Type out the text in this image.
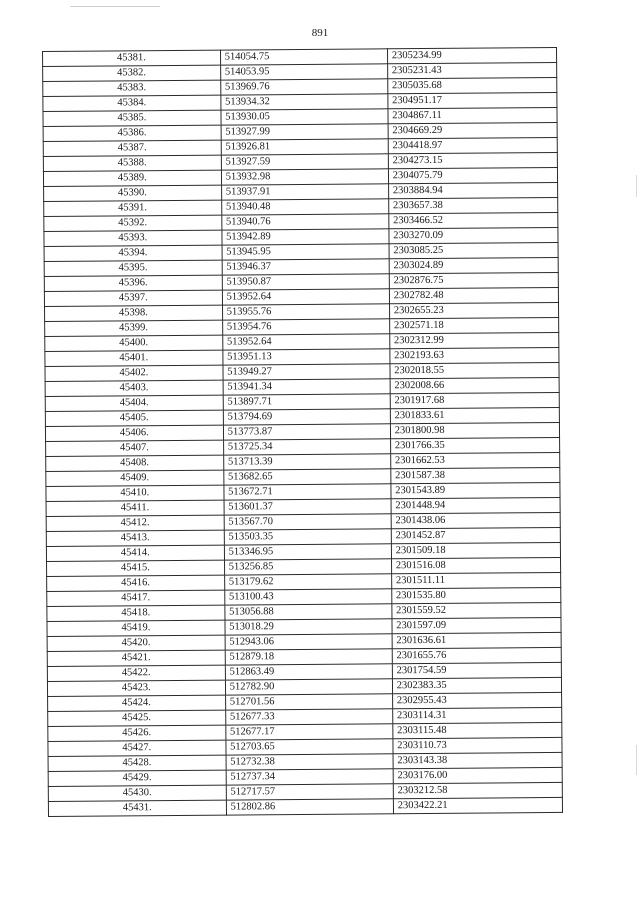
891
45381.	514054.75	2305234.99
45382.	514053.95	2305231.43
45383.	513969.76	2305035.68
45384.	513934.32	2304951.17
45385.	513930.05	2304867.11
45386.	513927.99	2304669.29
45387.	513926.81	2304418.97
45388.	513927.59	2304273.15
45389.	513932.98	2304075.79
45390.	513937.91	2303884.94
45391.	513940.48	2303657.38
45392.	513940.76	2303466.52
45393.	513942.89	2303270.09
45394.	513945.95	2303085.25
45395.	513946.37	2303024.89
45396.	513950.87	2302876.75
45397.	513952.64	2302782.48
45398.	513955.76	2302655.23
45399.	513954.76	2302571.18
45400.	513952.64	2302312.99
45401.	513951.13	2302193.63
45402.	513949.27	2302018.55
45403.	513941.34	2302008.66
45404.	513897.71	2301917.68
45405.	513794.69	2301833.61
45406.	513773.87	2301800.98
45407.	513725.34	2301766.35
45408.	513713.39	2301662.53
45409.	513682.65	2301587.38
45410.	513672.71	2301543.89
45411.	513601.37	2301448.94
45412.	513567.70	2301438.06
45413.	513503.35	2301452.87
45414.	513346.95	2301509.18
45415.	513256.85	2301516.08
45416.	513179.62	2301511.11
45417.	513100.43	2301535.80
45418.	513056.88	2301559.52
45419.	513018.29	2301597.09
45420.	512943.06	2301636.61
45421.	512879.18	2301655.76
45422.	512863.49	2301754.59
45423.	512782.90	2302383.35
45424.	512701.56	2302955.43
45425.	512677.33	2303114.31
45426.	512677.17	2303115.48
45427.	512703.65	2303110.73
45428.	512732.38	2303143.38
45429.	512737.34	2303176.00
45430.	512717.57	2303212.58
45431.	512802.86	2303422.21
